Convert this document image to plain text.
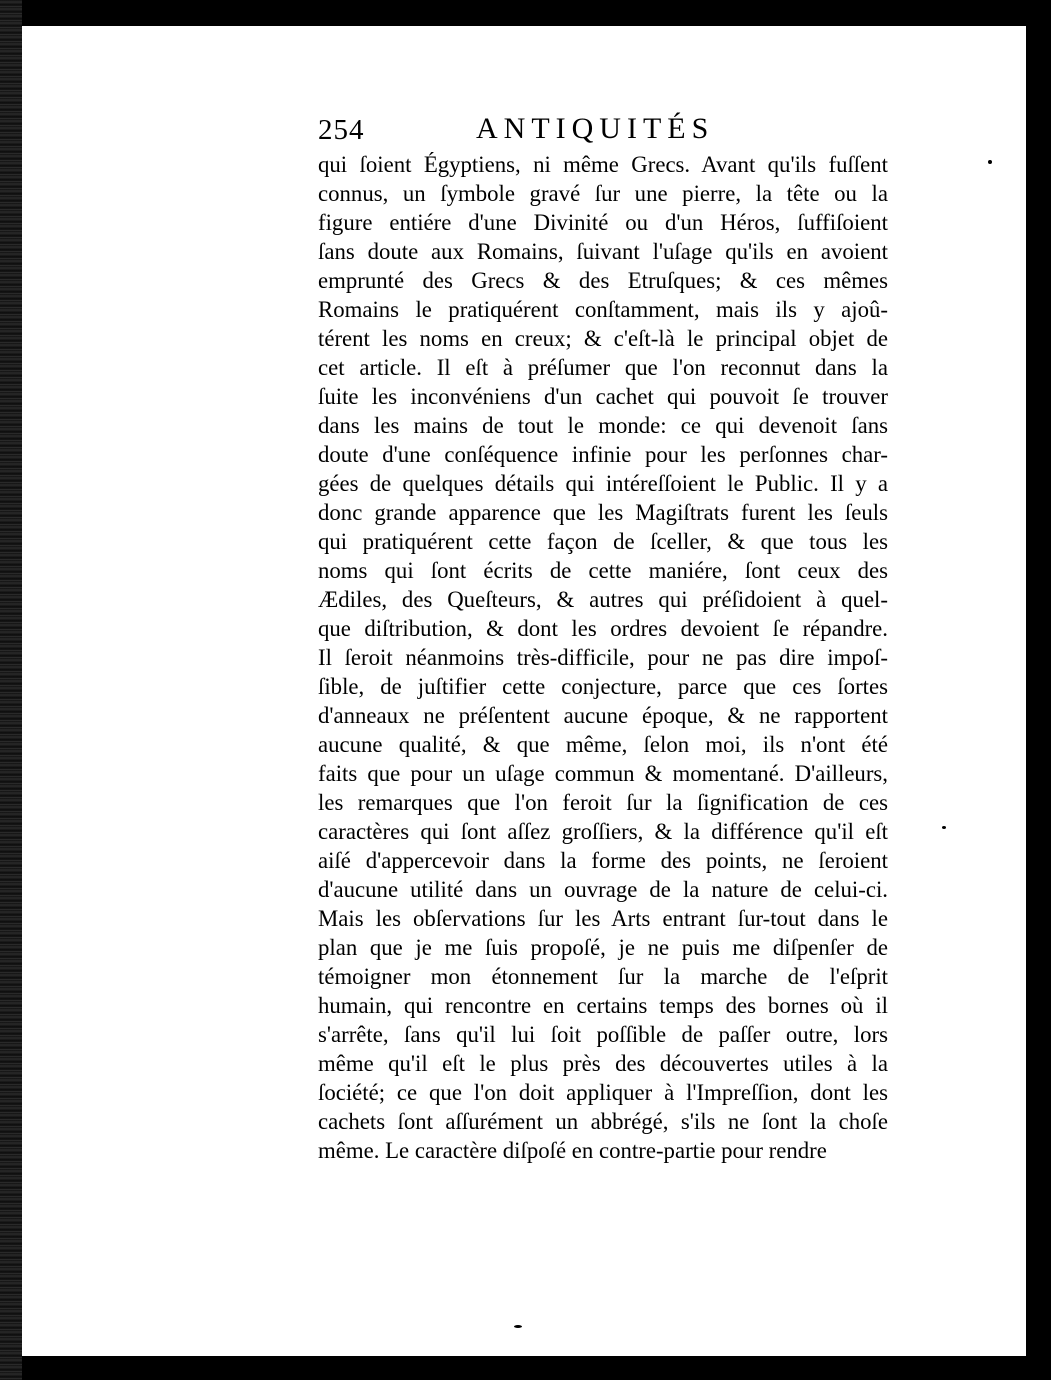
254	ANTIQUITÉS
qui ſoient Égyptiens, ni même Grecs. Avant qu'ils fuſſent
connus, un ſymbole gravé ſur une pierre, la tête ou la
figure entiére d'une Divinité ou d'un Héros, ſuffiſoient
ſans doute aux Romains, ſuivant l'uſage qu'ils en avoient
emprunté des Grecs & des Etruſques; & ces mêmes
Romains le pratiquérent conſtamment, mais ils y ajoû-
térent les noms en creux; & c'eſt-là le principal objet de
cet article. Il eſt à préſumer que l'on reconnut dans la
ſuite les inconvéniens d'un cachet qui pouvoit ſe trouver
dans les mains de tout le monde: ce qui devenoit ſans
doute d'une conſéquence infinie pour les perſonnes char-
gées de quelques détails qui intéreſſoient le Public. Il y a
donc grande apparence que les Magiſtrats furent les ſeuls
qui pratiquérent cette façon de ſceller, & que tous les
noms qui ſont écrits de cette maniére, ſont ceux des
Ædiles, des Queſteurs, & autres qui préſidoient à quel-
que diſtribution, & dont les ordres devoient ſe répandre.
Il ſeroit néanmoins très-difficile, pour ne pas dire impoſ-
ſible, de juſtifier cette conjecture, parce que ces ſortes
d'anneaux ne préſentent aucune époque, & ne rapportent
aucune qualité, & que même, ſelon moi, ils n'ont été
faits que pour un uſage commun & momentané. D'ailleurs,
les remarques que l'on feroit ſur la ſignification de ces
caractères qui ſont aſſez groſſiers, & la différence qu'il eſt
aiſé d'appercevoir dans la forme des points, ne ſeroient
d'aucune utilité dans un ouvrage de la nature de celui-ci.
Mais les obſervations ſur les Arts entrant ſur-tout dans le
plan que je me ſuis propoſé, je ne puis me diſpenſer de
témoigner mon étonnement ſur la marche de l'eſprit
humain, qui rencontre en certains temps des bornes où il
s'arrête, ſans qu'il lui ſoit poſſible de paſſer outre, lors
même qu'il eſt le plus près des découvertes utiles à la
ſociété; ce que l'on doit appliquer à l'Impreſſion, dont les
cachets ſont aſſurément un abbrégé, s'ils ne ſont la choſe
même. Le caractère diſpoſé en contre-partie pour rendre
